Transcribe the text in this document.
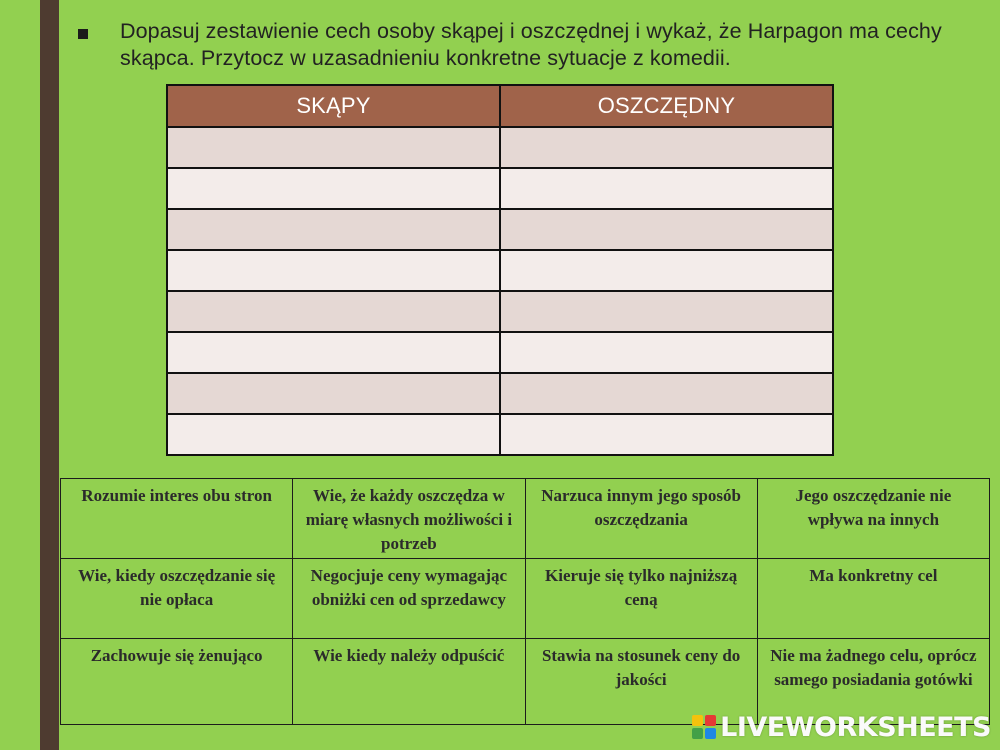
Dopasuj zestawienie cech osoby skąpej i oszczędnej i wykaż, że Harpagon ma cechy skąpca. Przytocz w uzasadnieniu konkretne sytuacje z komedii.
SKĄPY	OSZCZĘDNY

Rozumie interes obu stron	Wie, że każdy oszczędza w miarę własnych możliwości i potrzeb	Narzuca innym jego sposób oszczędzania	Jego oszczędzanie nie wpływa na innych
Wie, kiedy oszczędzanie się nie opłaca	Negocjuje ceny wymagając obniżki cen od sprzedawcy	Kieruje się tylko najniższą ceną	Ma konkretny cel
Zachowuje się żenująco	Wie kiedy należy odpuścić	Stawia na stosunek ceny do jakości	Nie ma żadnego celu, oprócz samego posiadania gotówki
LIVEWORKSHEETS
